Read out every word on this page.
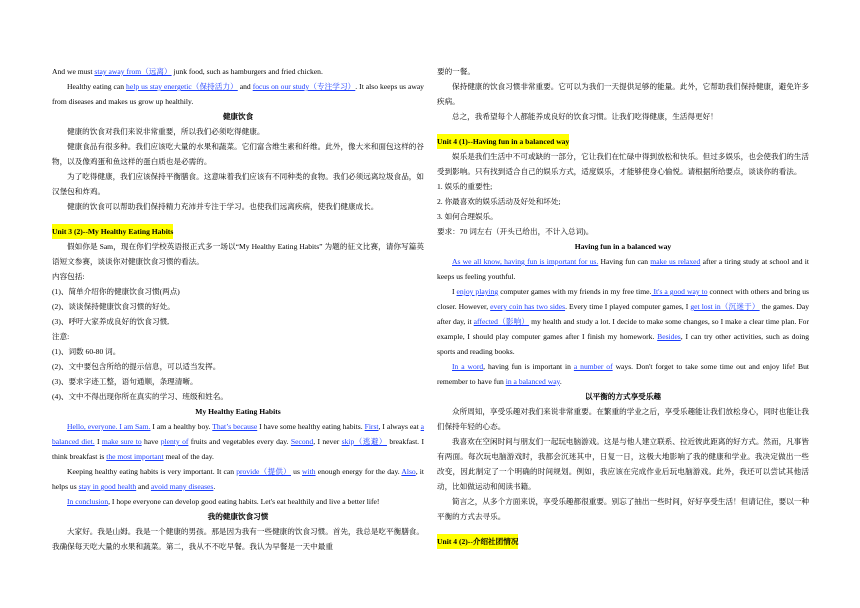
And we must stay away from（远离） junk food, such as hamburgers and fried chicken.

Healthy eating can help us stay energetic（保持活力） and focus on our study（专注学习）. It also keeps us away from diseases and makes us grow up healthily.

健康饮食

健康的饮食对我们来说非常重要，所以我们必须吃得健康。

健康食品有很多种。我们应该吃大量的水果和蔬菜。它们富含维生素和纤维。此外，像大米和面包这样的谷物，以及像鸡蛋和鱼这样的蛋白质也是必需的。

为了吃得健康，我们应该保持平衡膳食。这意味着我们应该有不同种类的食物。我们必须远离垃圾食品，如汉堡包和炸鸡。

健康的饮食可以帮助我们保持精力充沛并专注于学习。也使我们远离疾病，使我们健康成长。

Unit 3 (2)--My Healthy Eating Habits

假如你是 Sam，现在你们学校英语报正式多一场以“My Healthy Eating Habits” 为题的征文比赛，请你写篇英语短文参赛，谈谈你对健康饮食习惯的看法。

内容包括:

(1)、简单介绍你的健康饮食习惯(两点)

(2)、谈谈保持健康饮食习惯的好处。

(3)、呼吁大家养成良好的饮食习惯,

注意:

(1)、词数 60-80 词。

(2)、文中要包含所给的提示信息，可以适当发挥。

(3)、要求字迹工整，语句通顺，条理清晰。

(4)、文中不得出现你所在真实的学习、班级和姓名。

My Healthy Eating Habits

Hello, everyone. I am Sam. I am a healthy boy. That’s because I have some healthy eating habits. First, I always eat a balanced diet. I make sure to have plenty of fruits and vegetables every day. Second, I never skip（逃避） breakfast. I think breakfast is the most important meal of the day.

Keeping healthy eating habits is very important. It can provide（提供） us with enough energy for the day. Also, it helps us stay in good health and avoid many diseases.

In conclusion, I hope everyone can develop good eating habits. Let's eat healthily and live a better life!

我的健康饮食习惯

大家好。我是山姆。我是一个健康的男孩。那是因为我有一些健康的饮食习惯。首先，我总是吃平衡膳食。我确保每天吃大量的水果和蔬菜。第二，我从不不吃早餐。我认为早餐是一天中最重

要的一餐。

保持健康的饮食习惯非常重要。它可以为我们一天提供足够的能量。此外，它帮助我们保持健康，避免许多疾病。

总之，我希望每个人都能养成良好的饮食习惯。让我们吃得健康，生活得更好！

Unit 4 (1)--Having fun in a balanced way

娱乐是我们生活中不可或缺的一部分，它让我们在忙碌中得到放松和快乐。但过多娱乐，也会使我们的生活受到影响。只有找到适合自己的娱乐方式，适度娱乐，才能够使身心愉悦。请根据所给要点，谈谈你的看法。

1. 娱乐的重要性;

2. 你最喜欢的娱乐活动及好处和坏处;

3. 如何合理娱乐。

要求：70 词左右（开头已给出，不计入总词)。

Having fun in a balanced way

As we all know, having fun is important for us. Having fun can make us relaxed after a tiring study at school and it keeps us feeling youthful.

I enjoy playing computer games with my friends in my free time. It's a good way to connect with others and bring us closer. However, every coin has two sides. Every time I played computer games, I get lost in（沉迷于） the games. Day after day, it affected（影响） my health and study a lot. I decide to make some changes, so I make a clear time plan. For example, I should play computer games after I finish my homework. Besides, I can try other activities, such as doing sports and reading books.

In a word, having fun is important in a number of ways. Don't forget to take some time out and enjoy life! But remember to have fun in a balanced way.

以平衡的方式享受乐趣

众所周知，享受乐趣对我们来说非常重要。在繁重的学业之后，享受乐趣能让我们放松身心，同时也能让我们保持年轻的心态。

我喜欢在空闲时间与朋友们一起玩电脑游戏。这是与他人建立联系、拉近彼此距离的好方式。然而，凡事皆有两面。每次玩电脑游戏时，我都会沉迷其中，日复一日，这极大地影响了我的健康和学业。我决定做出一些改变，因此制定了一个明确的时间规划。例如，我应该在完成作业后玩电脑游戏。此外，我还可以尝试其他活动，比如做运动和阅读书籍。

简言之，从多个方面来说，享受乐趣都很重要。别忘了抽出一些时间，好好享受生活！但请记住，要以一种平衡的方式去寻乐。

Unit 4 (2)--介绍社团情况
